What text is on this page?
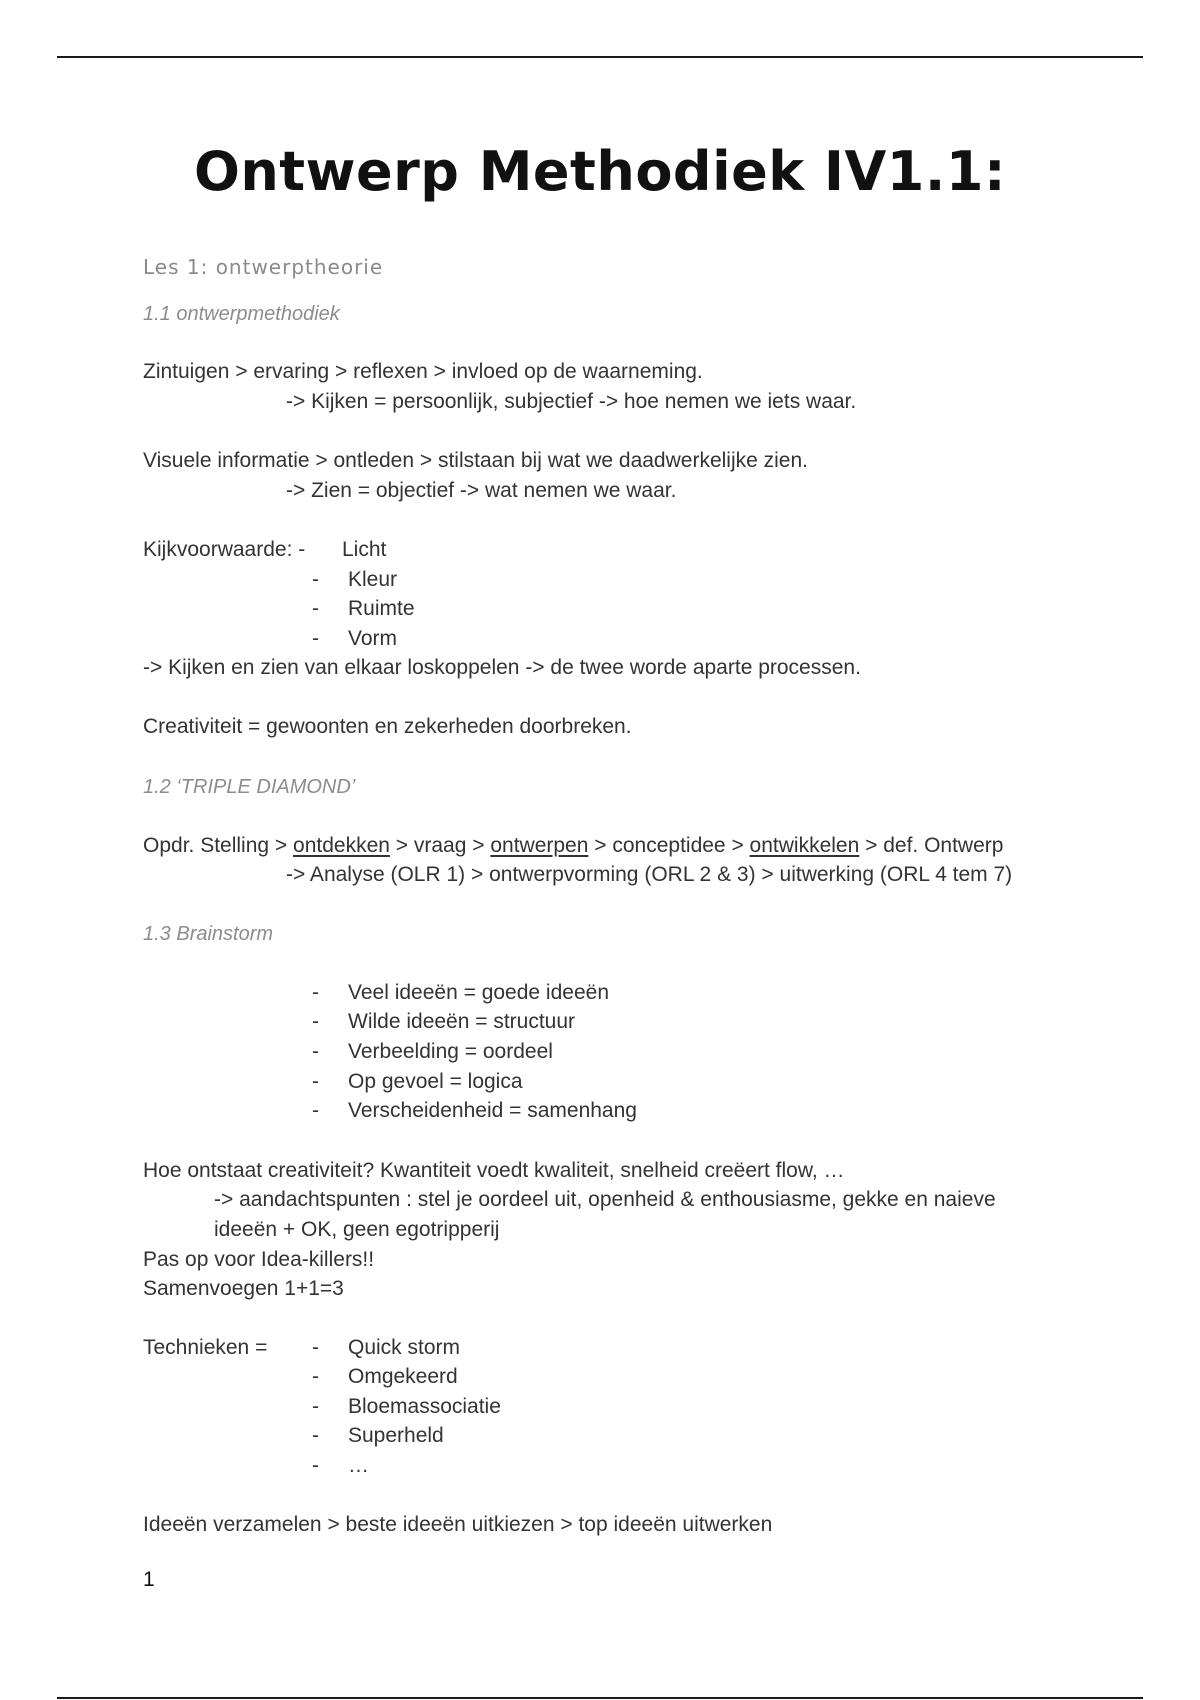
Ontwerp Methodiek IV1.1:
Les 1: ontwerptheorie
1.1 ontwerpmethodiek
Zintuigen > ervaring > reflexen > invloed op de waarneming.
-> Kijken = persoonlijk, subjectief -> hoe nemen we iets waar.
Visuele informatie > ontleden > stilstaan bij wat we daadwerkelijke zien.
-> Zien = objectief -> wat nemen we waar.
Kijkvoorwaarde: - Licht
- Kleur
- Ruimte
- Vorm
-> Kijken en zien van elkaar loskoppelen -> de twee worde aparte processen.
Creativiteit = gewoonten en zekerheden doorbreken.
1.2 ‘TRIPLE DIAMOND’
Opdr. Stelling > ontdekken > vraag > ontwerpen > conceptidee > ontwikkelen > def. Ontwerp
-> Analyse (OLR 1) > ontwerpvorming (ORL 2 & 3) > uitwerking (ORL 4 tem 7)
1.3 Brainstorm
- Veel ideeën = goede ideeën
- Wilde ideeën = structuur
- Verbeelding = oordeel
- Op gevoel = logica
- Verscheidenheid = samenhang
Hoe ontstaat creativiteit? Kwantiteit voedt kwaliteit, snelheid creëert flow, …
-> aandachtspunten : stel je oordeel uit, openheid & enthousiasme, gekke en naieve
ideeën + OK, geen egotripperij
Pas op voor Idea-killers!!
Samenvoegen 1+1=3
Technieken = - Quick storm
- Omgekeerd
- Bloemassociatie
- Superheld
- …
Ideeën verzamelen > beste ideeën uitkiezen > top ideeën uitwerken
1
